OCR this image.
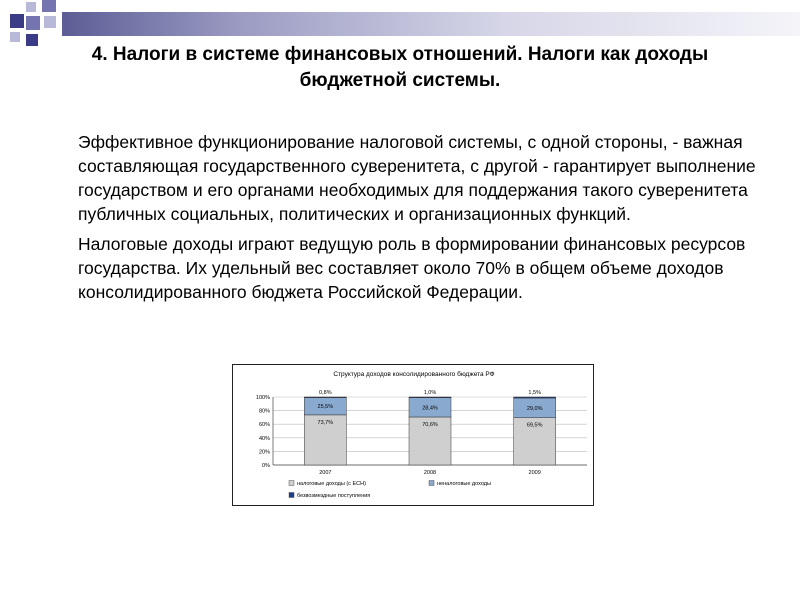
4. Налоги в системе финансовых отношений. Налоги как доходы бюджетной системы.

Эффективное функционирование налоговой системы, с одной стороны, - важная составляющая государственного суверенитета, с другой - гарантирует выполнение государством и его органами необходимых для поддержания такого суверенитета публичных социальных, политических и организационных функций.

Налоговые доходы играют ведущую роль в формировании финансовых ресурсов государства. Их удельный вес составляет около 70% в общем объеме доходов консолидированного бюджета Российской Федерации.

Структура доходов консолидированного бюджета РФ
0%
20%
40%
60%
80%
100%
73,7%
25,5%
0,8%
2007
70,6%
28,4%
1,0%
2008
69,5%
29,0%
1,5%
2009
налоговые доходы (с ЕСН)	неналоговые доходы
безвозмездные поступления
